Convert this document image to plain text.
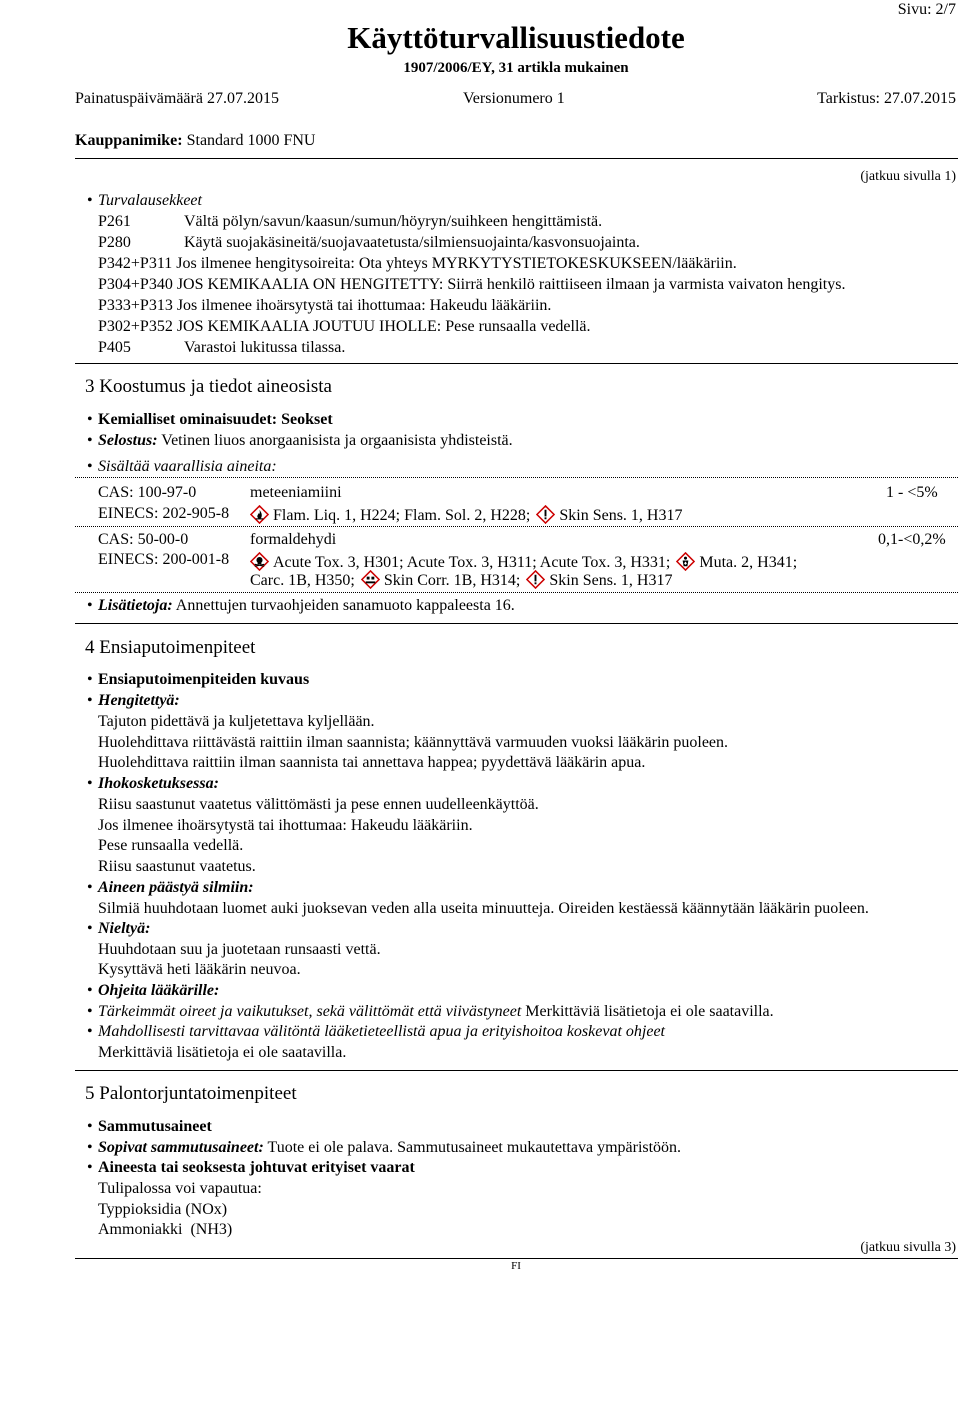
Sivu: 2/7
Käyttöturvallisuustiedote
1907/2006/EY, 31 artikla mukainen
Painatuspäivämäärä 27.07.2015	Versionumero 1	Tarkistus: 27.07.2015
Kauppanimike: Standard 1000 FNU
(jatkuu sivulla 1)
• Turvalausekkeet
P261	Vältä pölyn/savun/kaasun/sumun/höyryn/suihkeen hengittämistä.
P280	Käytä suojakäsineitä/suojavaatetusta/silmiensuojainta/kasvonsuojainta.
P342+P311 Jos ilmenee hengitysoireita: Ota yhteys MYRKYTYSTIETOKESKUKSEEN/lääkäriin.
P304+P340 JOS KEMIKAALIA ON HENGITETTY: Siirrä henkilö raittiiseen ilmaan ja varmista vaivaton hengitys.
P333+P313 Jos ilmenee ihoärsytystä tai ihottumaa: Hakeudu lääkäriin.
P302+P352 JOS KEMIKAALIA JOUTUU IHOLLE: Pese runsaalla vedellä.
P405	Varastoi lukitussa tilassa.
3 Koostumus ja tiedot aineosista
• Kemialliset ominaisuudet: Seokset
• Selostus: Vetinen liuos anorgaanisista ja orgaanisista yhdisteistä.
• Sisältää vaarallisia aineita:
CAS: 100-97-0
EINECS: 202-905-8
meteeniamiini
Flam. Liq. 1, H224; Flam. Sol. 2, H228; Skin Sens. 1, H317
1 - <5%
CAS: 50-00-0
EINECS: 200-001-8
formaldehydi
Acute Tox. 3, H301; Acute Tox. 3, H311; Acute Tox. 3, H331; Muta. 2, H341;
Carc. 1B, H350; Skin Corr. 1B, H314; Skin Sens. 1, H317
0,1-<0,2%
• Lisätietoja: Annettujen turvaohjeiden sanamuoto kappaleesta 16.
4 Ensiaputoimenpiteet
• Ensiaputoimenpiteiden kuvaus
• Hengitettyä:
Tajuton pidettävä ja kuljetettava kyljellään.
Huolehdittava riittävästä raittiin ilman saannista; käännyttävä varmuuden vuoksi lääkärin puoleen.
Huolehdittava raittiin ilman saannista tai annettava happea; pyydettävä lääkärin apua.
• Ihokosketuksessa:
Riisu saastunut vaatetus välittömästi ja pese ennen uudelleenkäyttöä.
Jos ilmenee ihoärsytystä tai ihottumaa: Hakeudu lääkäriin.
Pese runsaalla vedellä.
Riisu saastunut vaatetus.
• Aineen päästyä silmiin:
Silmiä huuhdotaan luomet auki juoksevan veden alla useita minuutteja. Oireiden kestäessä käännytään lääkärin puoleen.
• Nieltyä:
Huuhdotaan suu ja juotetaan runsaasti vettä.
Kysyttävä heti lääkärin neuvoa.
• Ohjeita lääkärille:
• Tärkeimmät oireet ja vaikutukset, sekä välittömät että viivästyneet Merkittäviä lisätietoja ei ole saatavilla.
• Mahdollisesti tarvittavaa välitöntä lääketieteellistä apua ja erityishoitoa koskevat ohjeet
Merkittäviä lisätietoja ei ole saatavilla.
5 Palontorjuntatoimenpiteet
• Sammutusaineet
• Sopivat sammutusaineet: Tuote ei ole palava. Sammutusaineet mukautettava ympäristöön.
• Aineesta tai seoksesta johtuvat erityiset vaarat
Tulipalossa voi vapautua:
Typpioksidia (NOx)
Ammoniakki  (NH3)
(jatkuu sivulla 3)
FI
